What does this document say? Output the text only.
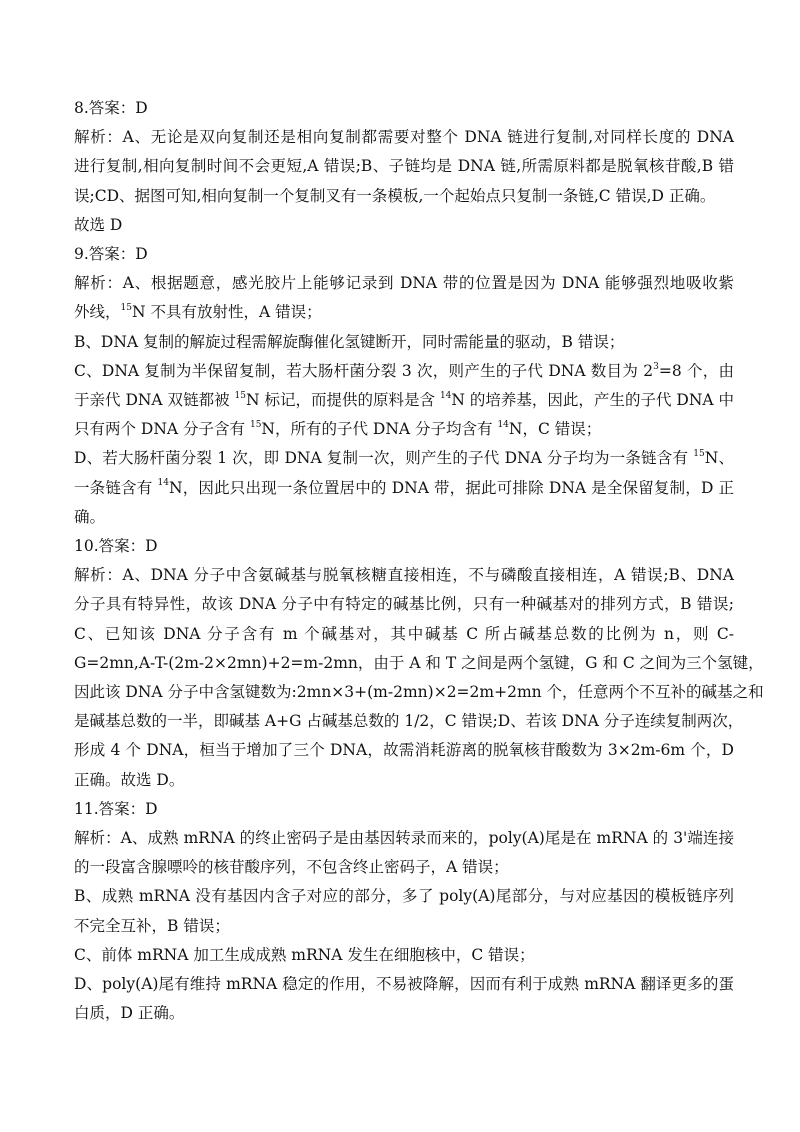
8.答案：D
解析：A、无论是双向复制还是相向复制都需要对整个 DNA 链进行复制,对同样长度的 DNA
进行复制,相向复制时间不会更短,A 错误;B、子链均是 DNA 链,所需原料都是脱氧核苷酸,B 错
误;CD、据图可知,相向复制一个复制叉有一条模板,一个起始点只复制一条链,C 错误,D 正确。
故选 D
9.答案：D
解析：A、根据题意，感光胶片上能够记录到 DNA 带的位置是因为 DNA 能够强烈地吸收紫
外线，$^{15}$N 不具有放射性，A 错误；
B、DNA 复制的解旋过程需解旋酶催化氢键断开，同时需能量的驱动，B 错误；
C、DNA 复制为半保留复制，若大肠杆菌分裂 3 次，则产生的子代 DNA 数目为 $2^3=8$ 个，由
于亲代 DNA 双链都被 $^{15}$N 标记，而提供的原料是含 $^{14}$N 的培养基，因此，产生的子代 DNA 中
只有两个 DNA 分子含有 $^{15}$N，所有的子代 DNA 分子均含有 $^{14}$N，C 错误；
D、若大肠杆菌分裂 1 次，即 DNA 复制一次，则产生的子代 DNA 分子均为一条链含有 $^{15}$N、
一条链含有 $^{14}$N，因此只出现一条位置居中的 DNA 带，据此可排除 DNA 是全保留复制，D 正
确。
10.答案：D
解析：A、DNA 分子中含氨碱基与脱氧核糖直接相连，不与磷酸直接相连，A 错误;B、DNA
分子具有特异性，故该 DNA 分子中有特定的碱基比例，只有一种碱基对的排列方式，B 错误;
C、已知该 DNA 分子含有 m 个碱基对，其中碱基 C 所占碱基总数的比例为 n，则 C-
G=2mn,A-T-(2m-2×2mn)+2=m-2mn，由于 A 和 T 之间是两个氢键，G 和 C 之间为三个氢键，
因此该 DNA 分子中含氢键数为:2mn×3+(m-2mn)×2=2m+2mn 个，任意两个不互补的碱基之和
是碱基总数的一半，即碱基 A+G 占碱基总数的 1/2，C 错误;D、若该 DNA 分子连续复制两次，
形成 4 个 DNA，桓当于增加了三个 DNA，故需消耗游离的脱氧核苷酸数为 3×2m-6m 个，D
正确。故选 D。
11.答案：D
解析：A、成熟 mRNA 的终止密码子是由基因转录而来的，poly(A)尾是在 mRNA 的 3'端连接
的一段富含腺嘌呤的核苷酸序列，不包含终止密码子，A 错误；
B、成熟 mRNA 没有基因内含子对应的部分，多了 poly(A)尾部分，与对应基因的模板链序列
不完全互补，B 错误；
C、前体 mRNA 加工生成成熟 mRNA 发生在细胞核中，C 错误；
D、poly(A)尾有维持 mRNA 稳定的作用，不易被降解，因而有利于成熟 mRNA 翻译更多的蛋
白质，D 正确。
